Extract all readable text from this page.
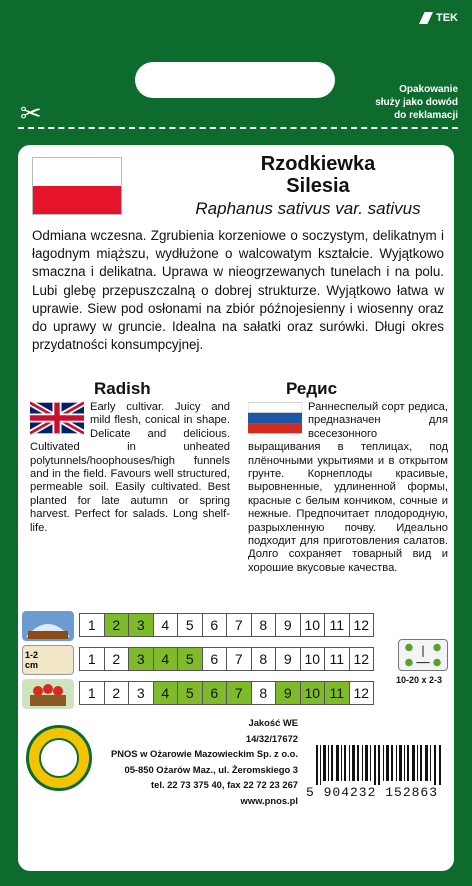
TEK
Opakowanie
służy jako dowód
do reklamacji
✂
Rzodkiewka
Silesia
Raphanus sativus var. sativus
Odmiana wczesna. Zgrubienia korzeniowe o soczystym, delikatnym i łagodnym miąższu, wydłużone o walcowatym kształcie. Wyjątkowo smaczna i delikatna. Uprawa w nieogrzewanych tunelach i na polu. Lubi glebę przepuszczalną o dobrej strukturze. Wyjątkowo łatwa w uprawie. Siew pod osłonami na zbiór późnojesienny i wiosenny oraz do uprawy w gruncie. Idealna na sałatki oraz surówki. Długi okres przydatności konsumpcyjnej.
Radish	Редис
Early cultivar. Juicy and mild flesh, conical in shape. Delicate and delicious. Cultivated in unheated polytunnels/hoophouses/high funnels and in the field. Favours well structured, permeable soil. Easily cultivated. Best planted for late autumn or spring harvest. Perfect for salads. Long shelf-life.
Раннеспелый сорт редиса, предназначен для всесезонного выращивания в теплицах, под плёночными укрытиями и в открытом грунте. Корнеплоды красивые, выровненные, удлиненной формы, красные с белым кончиком, сочные и нежные. Предпочитает плодородную, разрыхленную почву. Идеально подходит для приготовления салатов. Долго сохраняет товарный вид и хорошие вкусовые качества.
1	2	3	4	5	6	7	8	9 10 11 12
1-2 cm	1	2	3	4	5	6	7	8	9 10 11 12
1	2	3	4	5	6	7	8	9 10 11 12
10-20 x 2-3
Jakość WE
14/32/17672
PNOS w Ożarowie Mazowieckim Sp. z o.o.
05-850 Ożarów Maz., ul. Żeromskiego 3
tel. 22 73 375 40, fax 22 72 23 267
www.pnos.pl
5 904232 152863
